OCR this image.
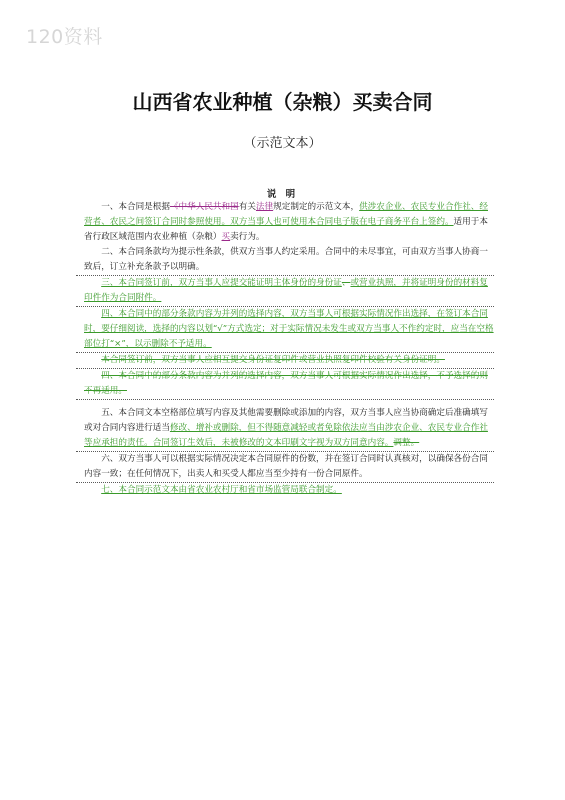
120资料
山西省农业种植（杂粮）买卖合同
（示范文本）
说 明

一、本合同是根据《中华人民共和国有关法律规定制定的示范文本，供涉农企业、农民专业合作社、经营者、农民之间签订合同时参照使用。双方当事人也可使用本合同电子版在电子商务平台上签约。适用于本省行政区域范围内农业种植（杂粮）买卖行为。

二、本合同条款均为提示性条款，供双方当事人约定采用。合同中的未尽事宜，可由双方当事人协商一致后，订立补充条款予以明确。

三、本合同签订前，双方当事人应提交能证明主体身份的身份证、或营业执照，并将证明身份的材料复印件作为合同附件。

四、本合同中的部分条款内容为并列的选择内容，双方当事人可根据实际情况作出选择，在签订本合同时，要仔细阅读，选择的内容以划“√”方式选定；对于实际情况未发生或双方当事人不作约定时，应当在空格部位打“×”，以示删除不予适用。

本合同签订前，双方当事人应相互提交身份证复印件或营业执照复印件校验有关身份证明。

四、本合同中的部分条款内容为并列的选择内容，双方当事人可根据实际情况作出选择，不予选择的则不再适用。

五、本合同文本空格部位填写内容及其他需要删除或添加的内容，双方当事人应当协商确定后准确填写或对合同内容进行适当修改、增补或删除，但不得随意减轻或者免除依法应当由涉农企业、农民专业合作社等应承担的责任。合同签订生效后，未被修改的文本印刷文字视为双方同意内容。调整。

六、双方当事人可以根据实际情况决定本合同原件的份数，并在签订合同时认真核对，以确保各份合同内容一致；在任何情况下，出卖人和买受人都应当至少持有一份合同原件。

七、本合同示范文本由省农业农村厅和省市场监管局联合制定。
